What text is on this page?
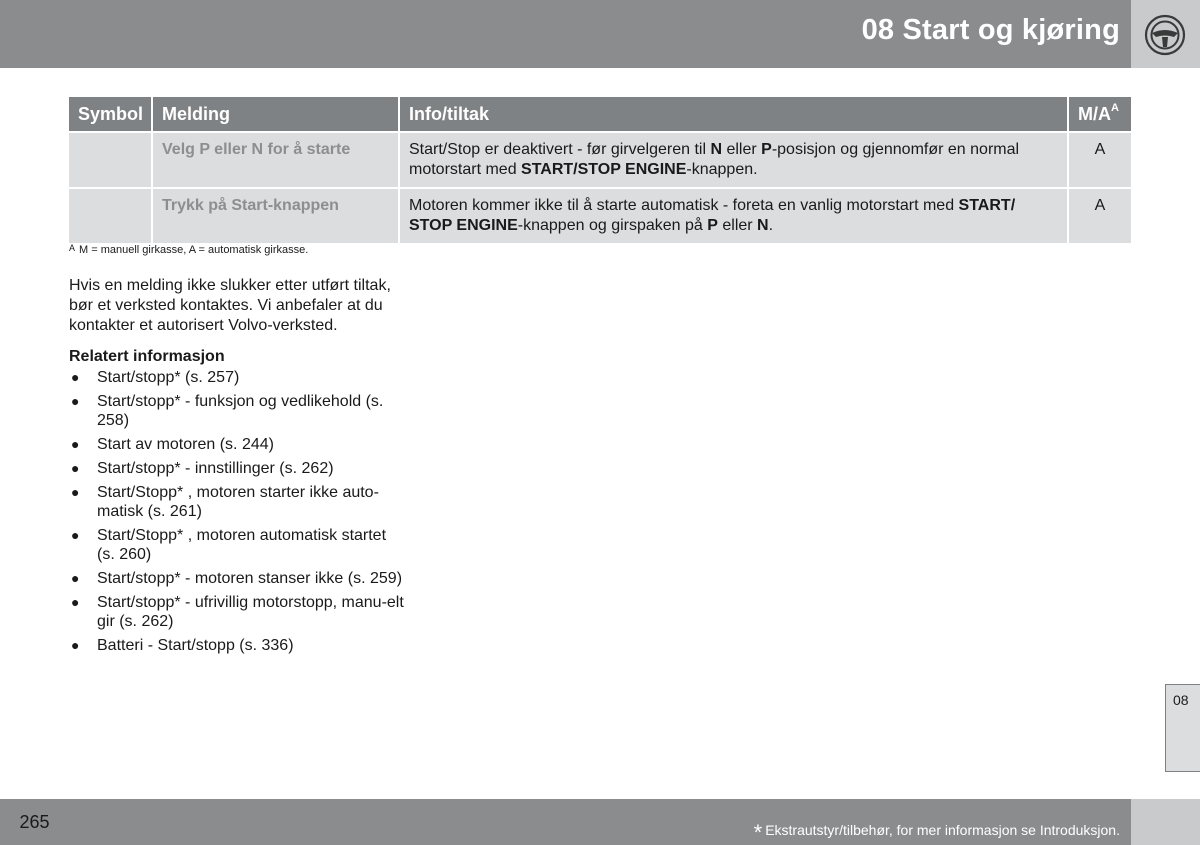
08 Start og kjøring
Symbol	Melding	Info/tiltak	$M/A^A$
	Velg P eller N for å starte	Start/Stop er deaktivert - før girvelgeren til N eller P-posisjon og gjennomfør en normal motorstart med START/STOP ENGINE-knappen.	A
	Trykk på Start-knappen	Motoren kommer ikke til å starte automatisk - foreta en vanlig motorstart med START/ STOP ENGINE-knappen og girspaken på P eller N.	A
A M = manuell girkasse, A = automatisk girkasse.

Hvis en melding ikke slukker etter utført tiltak, bør et verksted kontaktes. Vi anbefaler at du kontakter et autorisert Volvo-verksted.

Relatert informasjon
● Start/stopp* (s. 257)
● Start/stopp* - funksjon og vedlikehold (s. 258)
● Start av motoren (s. 244)
● Start/stopp* - innstillinger (s. 262)
● Start/Stopp* , motoren starter ikke auto-matisk (s. 261)
● Start/Stopp* , motoren automatisk startet (s. 260)
● Start/stopp* - motoren stanser ikke (s. 259)
● Start/stopp* - ufrivillig motorstopp, manu-elt gir (s. 262)
● Batteri - Start/stopp (s. 336)
08
* Ekstrautstyr/tilbehør, for mer informasjon se Introduksjon.
265
